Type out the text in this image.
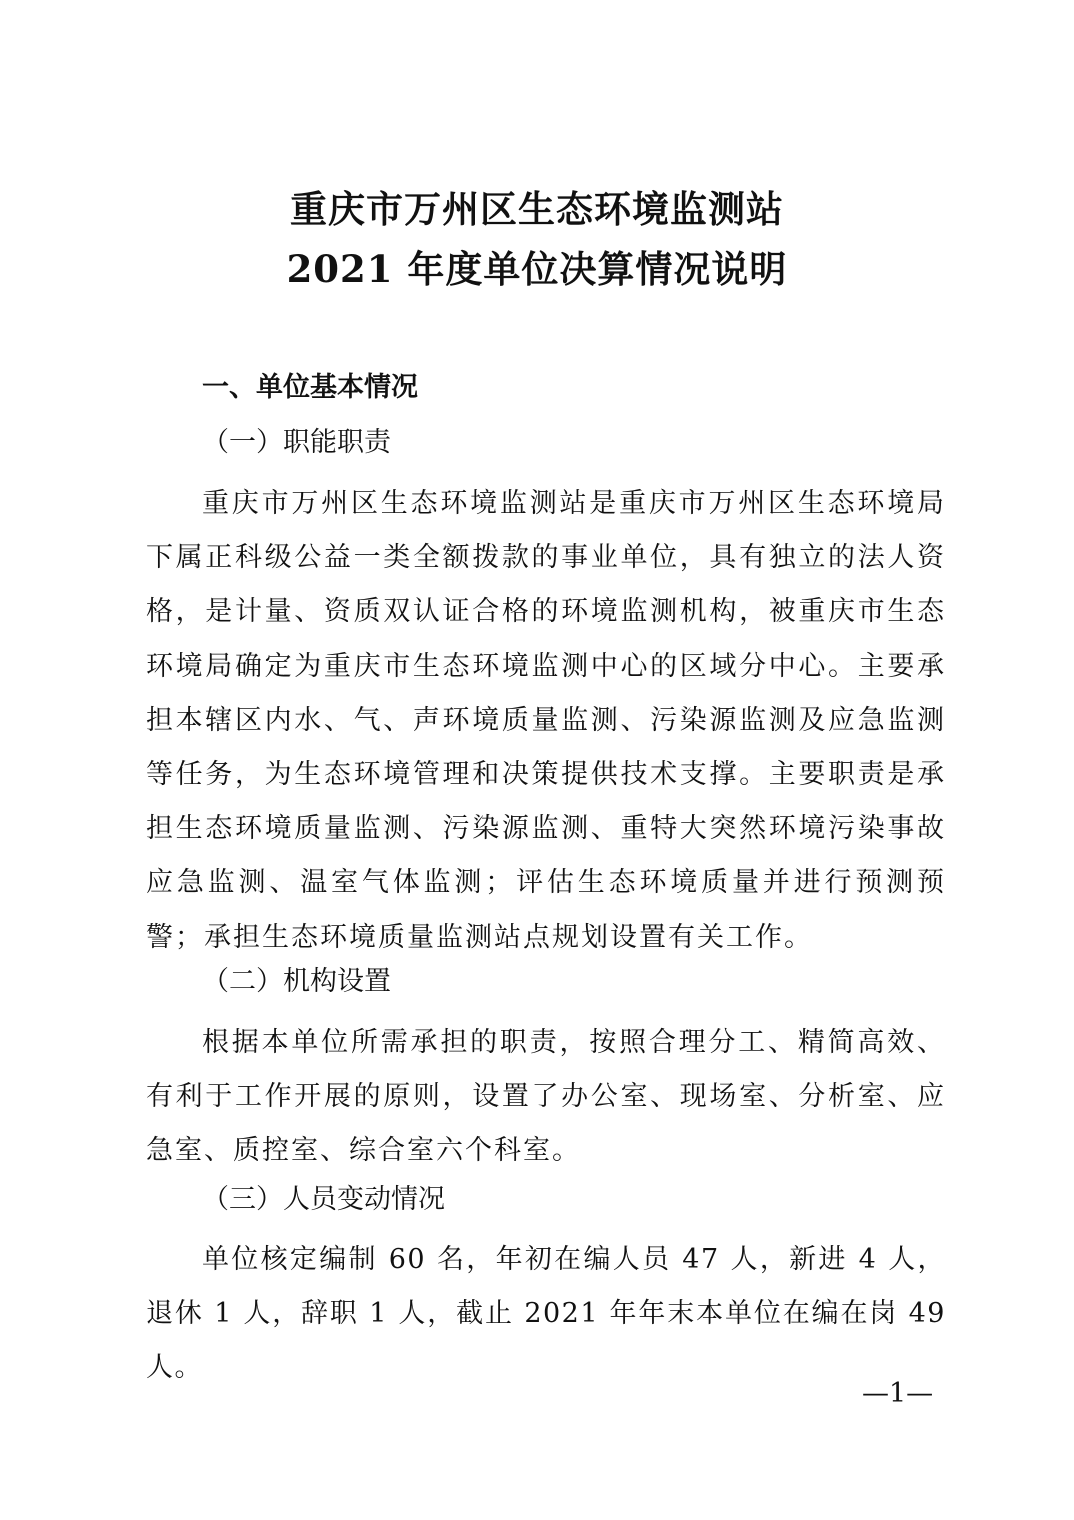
重庆市万州区生态环境监测站
2021 年度单位决算情况说明
一、单位基本情况
（一）职能职责
重庆市万州区生态环境监测站是重庆市万州区生态环境局下属正科级公益一类全额拨款的事业单位，具有独立的法人资格，是计量、资质双认证合格的环境监测机构，被重庆市生态环境局确定为重庆市生态环境监测中心的区域分中心。主要承担本辖区内水、气、声环境质量监测、污染源监测及应急监测等任务，为生态环境管理和决策提供技术支撑。主要职责是承担生态环境质量监测、污染源监测、重特大突然环境污染事故应急监测、温室气体监测；评估生态环境质量并进行预测预警；承担生态环境质量监测站点规划设置有关工作。
（二）机构设置
根据本单位所需承担的职责，按照合理分工、精简高效、有利于工作开展的原则，设置了办公室、现场室、分析室、应急室、质控室、综合室六个科室。
（三）人员变动情况
单位核定编制 60 名，年初在编人员 47 人，新进 4 人，退休 1 人，辞职 1 人，截止 2021 年年末本单位在编在岗 49 人。
—1—
